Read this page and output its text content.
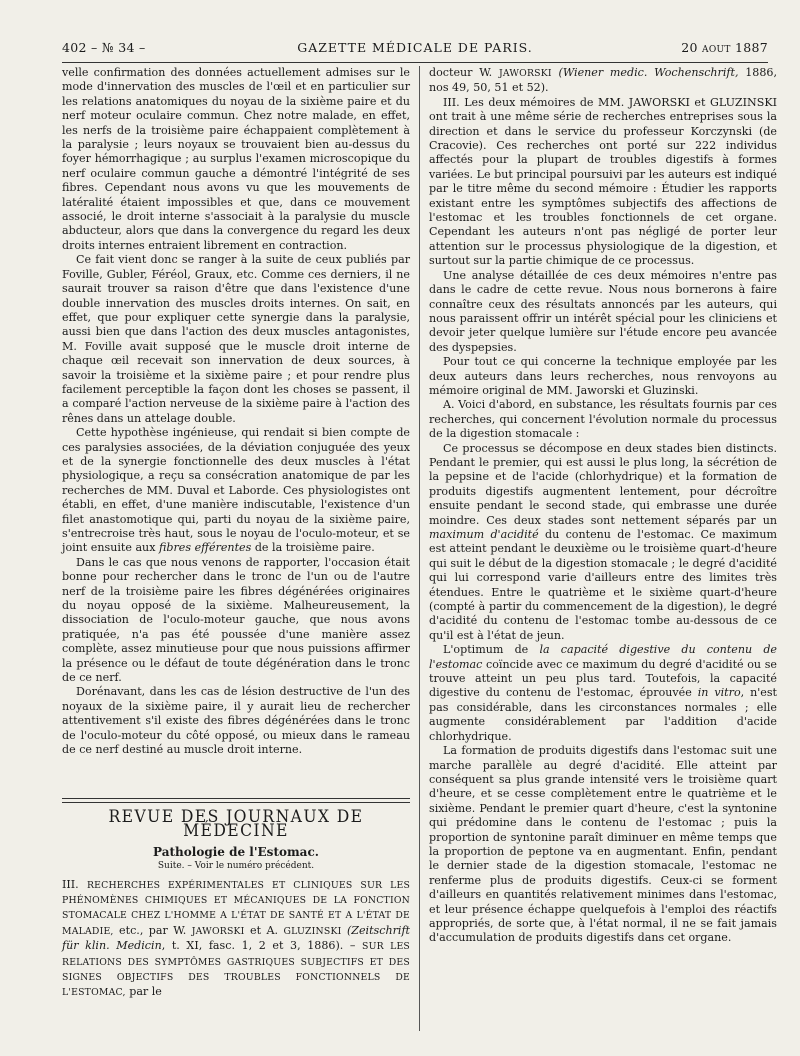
402 – № 34 –	GAZETTE MÉDICALE DE PARIS.	20 AOUT 1887

velle confirmation des données actuellement admises sur le mode d'innervation des muscles de l'œil et en particulier sur les relations anatomiques du noyau de la sixième paire et du nerf moteur oculaire commun. Chez notre malade, en effet, les nerfs de la troisième paire échappaient complètement à la paralysie ; leurs noyaux se trouvaient bien au-dessus du foyer hémorrhagique ; au surplus l'examen microscopique du nerf oculaire commun gauche a démontré l'intégrité de ses fibres. Cependant nous avons vu que les mouvements de latéralité étaient impossibles et que, dans ce mouvement associé, le droit interne s'associait à la paralysie du muscle abducteur, alors que dans la convergence du regard les deux droits internes entraient librement en contraction.

Ce fait vient donc se ranger à la suite de ceux publiés par Foville, Gubler, Féréol, Graux, etc. Comme ces derniers, il ne saurait trouver sa raison d'être que dans l'existence d'une double innervation des muscles droits internes. On sait, en effet, que pour expliquer cette synergie dans la paralysie, aussi bien que dans l'action des deux muscles antagonistes, M. Foville avait supposé que le muscle droit interne de chaque œil recevait son innervation de deux sources, à savoir la troisième et la sixième paire ; et pour rendre plus facilement perceptible la façon dont les choses se passent, il a comparé l'action nerveuse de la sixième paire à l'action des rênes dans un attelage double.

Cette hypothèse ingénieuse, qui rendait si bien compte de ces paralysies associées, de la déviation conjuguée des yeux et de la synergie fonctionnelle des deux muscles à l'état physiologique, a reçu sa consécration anatomique de par les recherches de MM. Duval et Laborde. Ces physiologistes ont établi, en effet, d'une manière indiscutable, l'existence d'un filet anastomotique qui, parti du noyau de la sixième paire, s'entrecroise très haut, sous le noyau de l'oculo-moteur, et se joint ensuite aux fibres efférentes de la troisième paire.

Dans le cas que nous venons de rapporter, l'occasion était bonne pour rechercher dans le tronc de l'un ou de l'autre nerf de la troisième paire les fibres dégénérées originaires du noyau opposé de la sixième. Malheureusement, la dissociation de l'oculo-moteur gauche, que nous avons pratiquée, n'a pas été poussée d'une manière assez complète, assez minutieuse pour que nous puissions affirmer la présence ou le défaut de toute dégénération dans le tronc de ce nerf.

Dorénavant, dans les cas de lésion destructive de l'un des noyaux de la sixième paire, il y aurait lieu de rechercher attentivement s'il existe des fibres dégénérées dans le tronc de l'oculo-moteur du côté opposé, ou mieux dans le rameau de ce nerf destiné au muscle droit interne.

REVUE DES JOURNAUX DE MÉDECINE
Pathologie de l'Estomac.
Suite. – Voir le numéro précédent.

III. RECHERCHES EXPÉRIMENTALES ET CLINIQUES SUR LES PHÉNOMÈNES CHIMIQUES ET MÉCANIQUES DE LA FONCTION STOMACALE CHEZ L'HOMME A L'ÉTAT DE SANTÉ ET A L'ÉTAT DE MALADIE, etc., par W. JAWORSKI et A. GLUZINSKI (Zeitschrift für klin. Medicin, t. XI, fasc. 1, 2 et 3, 1886). – SUR LES RELATIONS DES SYMPTÔMES GASTRIQUES SUBJECTIFS ET DES SIGNES OBJECTIFS DES TROUBLES FONCTIONNELS DE L'ESTOMAC, par le

docteur W. JAWORSKI (Wiener medic. Wochenschrift, 1886, nos 49, 50, 51 et 52).

III. Les deux mémoires de MM. JAWORSKI et GLUZINSKI ont trait à une même série de recherches entreprises sous la direction et dans le service du professeur Korczynski (de Cracovie). Ces recherches ont porté sur 222 individus affectés pour la plupart de troubles digestifs à formes variées. Le but principal poursuivi par les auteurs est indiqué par le titre même du second mémoire : Étudier les rapports existant entre les symptômes subjectifs des affections de l'estomac et les troubles fonctionnels de cet organe. Cependant les auteurs n'ont pas négligé de porter leur attention sur le processus physiologique de la digestion, et surtout sur la partie chimique de ce processus.

Une analyse détaillée de ces deux mémoires n'entre pas dans le cadre de cette revue. Nous nous bornerons à faire connaître ceux des résultats annoncés par les auteurs, qui nous paraissent offrir un intérêt spécial pour les cliniciens et devoir jeter quelque lumière sur l'étude encore peu avancée des dyspepsies.

Pour tout ce qui concerne la technique employée par les deux auteurs dans leurs recherches, nous renvoyons au mémoire original de MM. Jaworski et Gluzinski.

A. Voici d'abord, en substance, les résultats fournis par ces recherches, qui concernent l'évolution normale du processus de la digestion stomacale :

Ce processus se décompose en deux stades bien distincts. Pendant le premier, qui est aussi le plus long, la sécrétion de la pepsine et de l'acide (chlorhydrique) et la formation de produits digestifs augmentent lentement, pour décroître ensuite pendant le second stade, qui embrasse une durée moindre. Ces deux stades sont nettement séparés par un maximum d'acidité du contenu de l'estomac. Ce maximum est atteint pendant le deuxième ou le troisième quart-d'heure qui suit le début de la digestion stomacale ; le degré d'acidité qui lui correspond varie d'ailleurs entre des limites très étendues. Entre le quatrième et le sixième quart-d'heure (compté à partir du commencement de la digestion), le degré d'acidité du contenu de l'estomac tombe au-dessous de ce qu'il est à l'état de jeun.

L'optimum de la capacité digestive du contenu de l'estomac coïncide avec ce maximum du degré d'acidité ou se trouve atteint un peu plus tard. Toutefois, la capacité digestive du contenu de l'estomac, éprouvée in vitro, n'est pas considérable, dans les circonstances normales ; elle augmente considérablement par l'addition d'acide chlorhydrique.

La formation de produits digestifs dans l'estomac suit une marche parallèle au degré d'acidité. Elle atteint par conséquent sa plus grande intensité vers le troisième quart d'heure, et se cesse complètement entre le quatrième et le sixième. Pendant le premier quart d'heure, c'est la syntonine qui prédomine dans le contenu de l'estomac ; puis la proportion de syntonine paraît diminuer en même temps que la proportion de peptone va en augmentant. Enfin, pendant le dernier stade de la digestion stomacale, l'estomac ne renferme plus de produits digestifs. Ceux-ci se forment d'ailleurs en quantités relativement minimes dans l'estomac, et leur présence échappe quelquefois à l'emploi des réactifs appropriés, de sorte que, à l'état normal, il ne se fait jamais d'accumulation de produits digestifs dans cet organe.
